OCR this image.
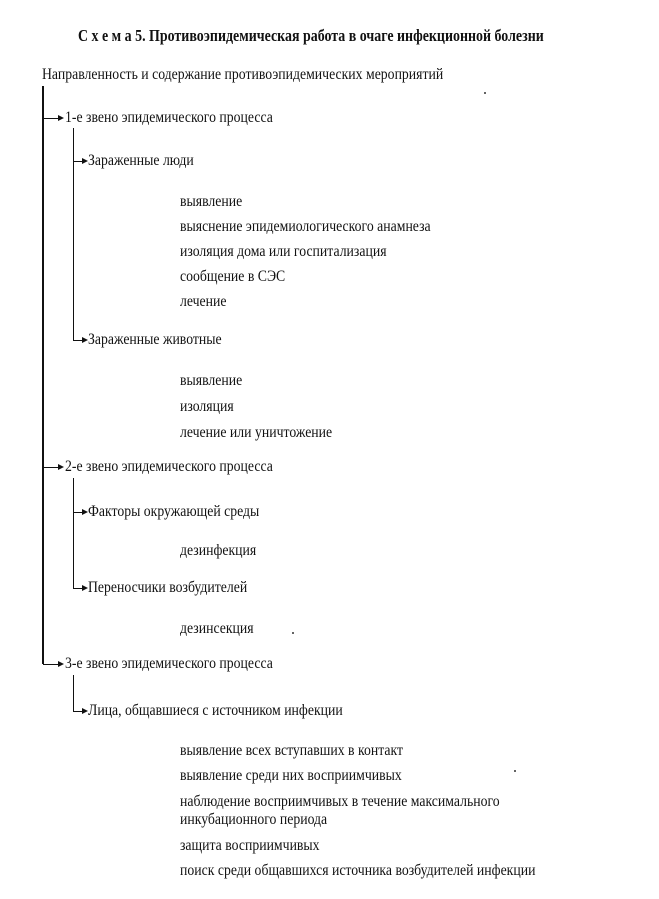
С х е м а 5. Противоэпидемическая работа в очаге инфекционной болезни
Направленность и содержание противоэпидемических мероприятий
1-е звено эпидемического процесса
2-е звено эпидемического процесса
3-е звено эпидемического процесса
Зараженные люди
выявление
выяснение эпидемиологического анамнеза
изоляция дома или госпитализация
сообщение в СЭС
лечение
Зараженные животные
выявление
изоляция
лечение или уничтожение
Факторы окружающей среды
дезинфекция
Переносчики возбудителей
дезинсекция
Лица, общавшиеся с источником инфекции
выявление всех вступавших в контакт
выявление среди них восприимчивых
наблюдение восприимчивых в течение максимального
инкубационного периода
защита восприимчивых
поиск среди общавшихся источника возбудителей инфекции
